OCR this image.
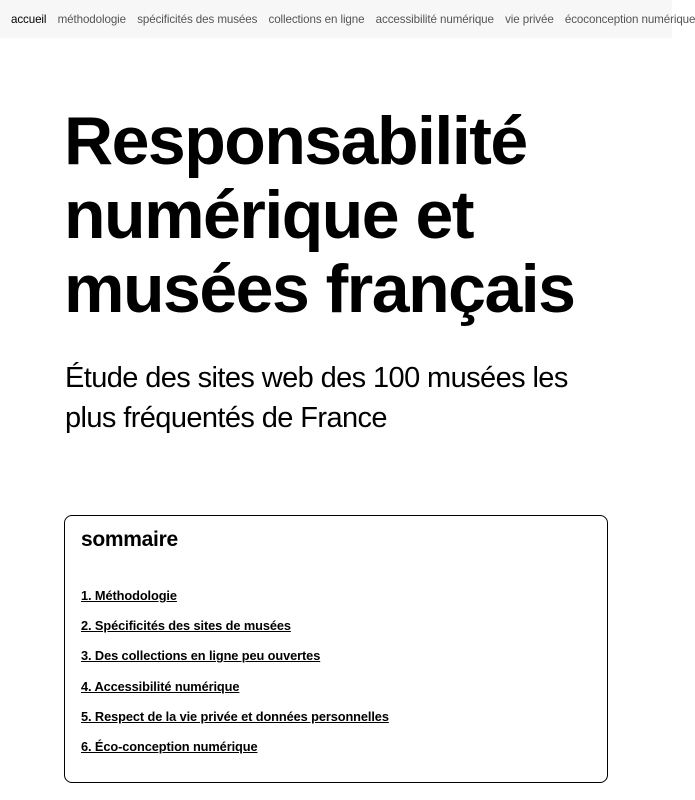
accueil méthodologie spécificités des musées collections en ligne accessibilité numérique vie privée écoconception numérique
Responsabilité numérique et musées français

Étude des sites web des 100 musées les plus fréquentés de France

sommaire
1. Méthodologie
2. Spécificités des sites de musées
3. Des collections en ligne peu ouvertes
4. Accessibilité numérique
5. Respect de la vie privée et données personnelles
6. Éco-conception numérique
